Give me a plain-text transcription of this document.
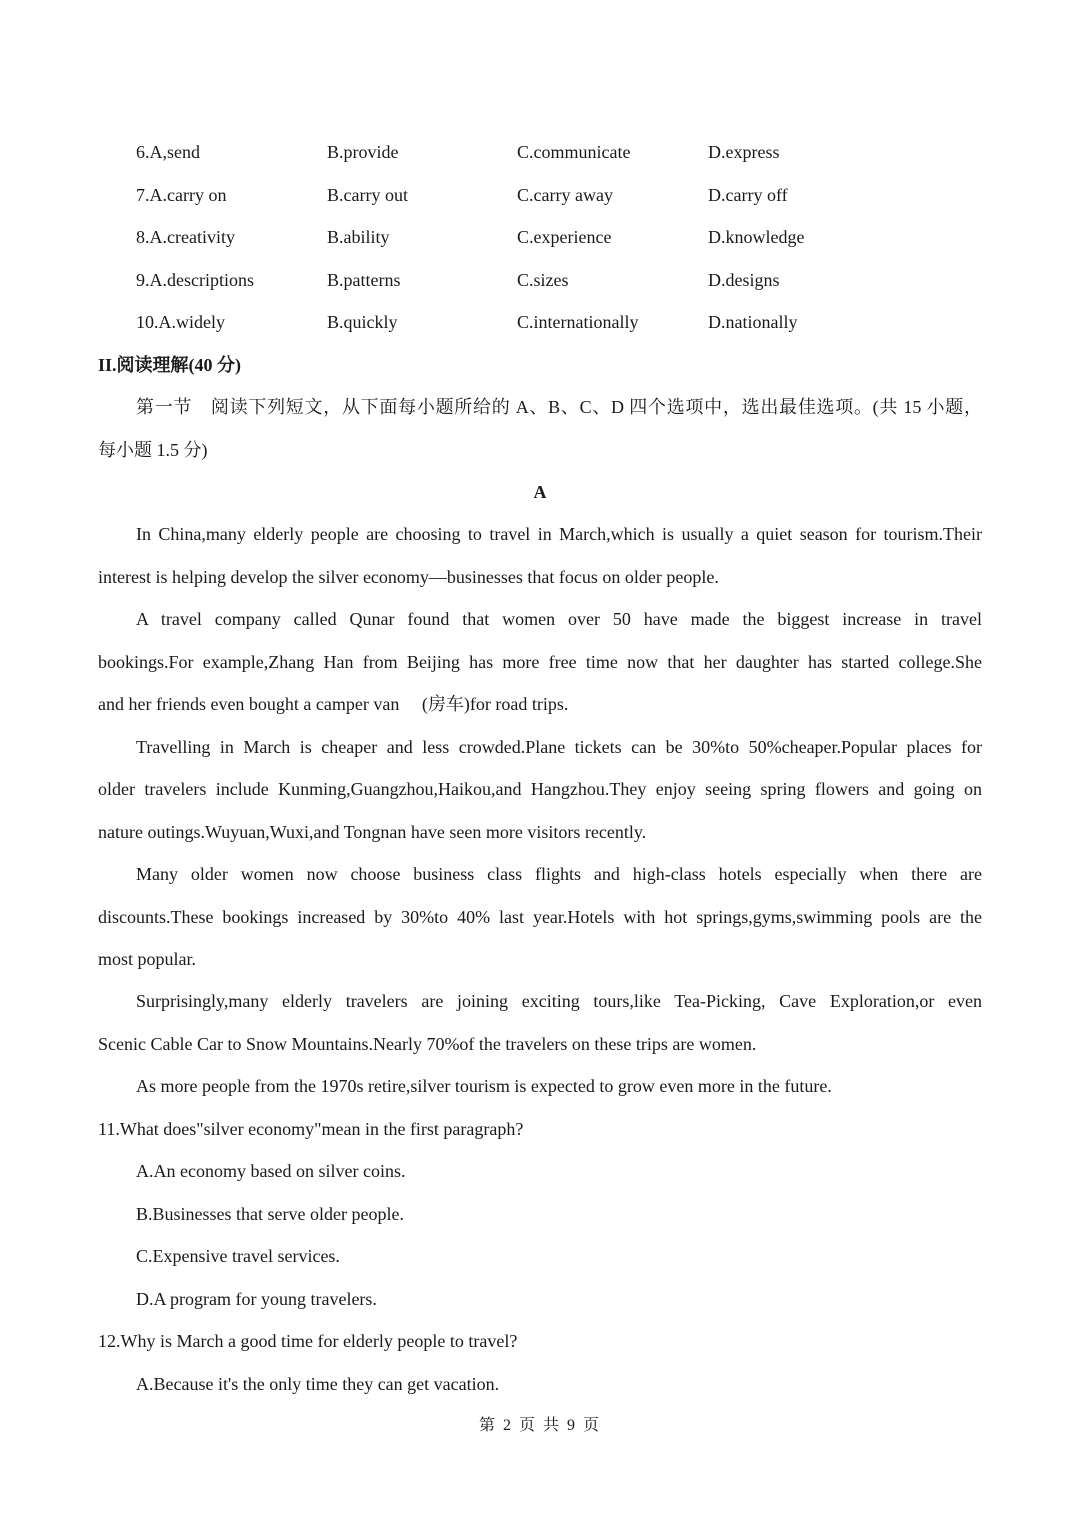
6.A,send	B.provide	C.communicate	D.express
7.A.carry on	B.carry out	C.carry away	D.carry off
8.A.creativity	B.ability	C.experience	D.knowledge
9.A.descriptions	B.patterns	C.sizes	D.designs
10.A.widely	B.quickly	C.internationally	D.nationally
II.阅读理解(40 分)
第一节　阅读下列短文，从下面每小题所给的 A、B、C、D 四个选项中，选出最佳选项。(共 15 小题，
每小题 1.5 分)
A
In China,many elderly people are choosing to travel in March,which is usually a quiet season for tourism.Their
interest is helping develop the silver economy—businesses that focus on older people.
A travel company called Qunar found that women over 50 have made the biggest increase in travel
bookings.For example,Zhang Han from Beijing has more free time now that her daughter has started college.She
and her friends even bought a camper van　 (房车)for road trips.
Travelling in March is cheaper and less crowded.Plane tickets can be 30%to 50%cheaper.Popular places for
older travelers include Kunming,Guangzhou,Haikou,and Hangzhou.They enjoy seeing spring flowers and going on
nature outings.Wuyuan,Wuxi,and Tongnan have seen more visitors recently.
Many older women now choose business class flights and high-class hotels especially when there are
discounts.These bookings increased by 30%to 40% last year.Hotels with hot springs,gyms,swimming pools are the
most popular.
Surprisingly,many elderly travelers are joining exciting tours,like Tea-Picking, Cave Exploration,or even
Scenic Cable Car to Snow Mountains.Nearly 70%of the travelers on these trips are women.
As more people from the 1970s retire,silver tourism is expected to grow even more in the future.
11.What does"silver economy"mean in the first paragraph?
A.An economy based on silver coins.
B.Businesses that serve older people.
C.Expensive travel services.
D.A program for young travelers.
12.Why is March a good time for elderly people to travel?
A.Because it's the only time they can get vacation.
第 2 页 共 9 页
